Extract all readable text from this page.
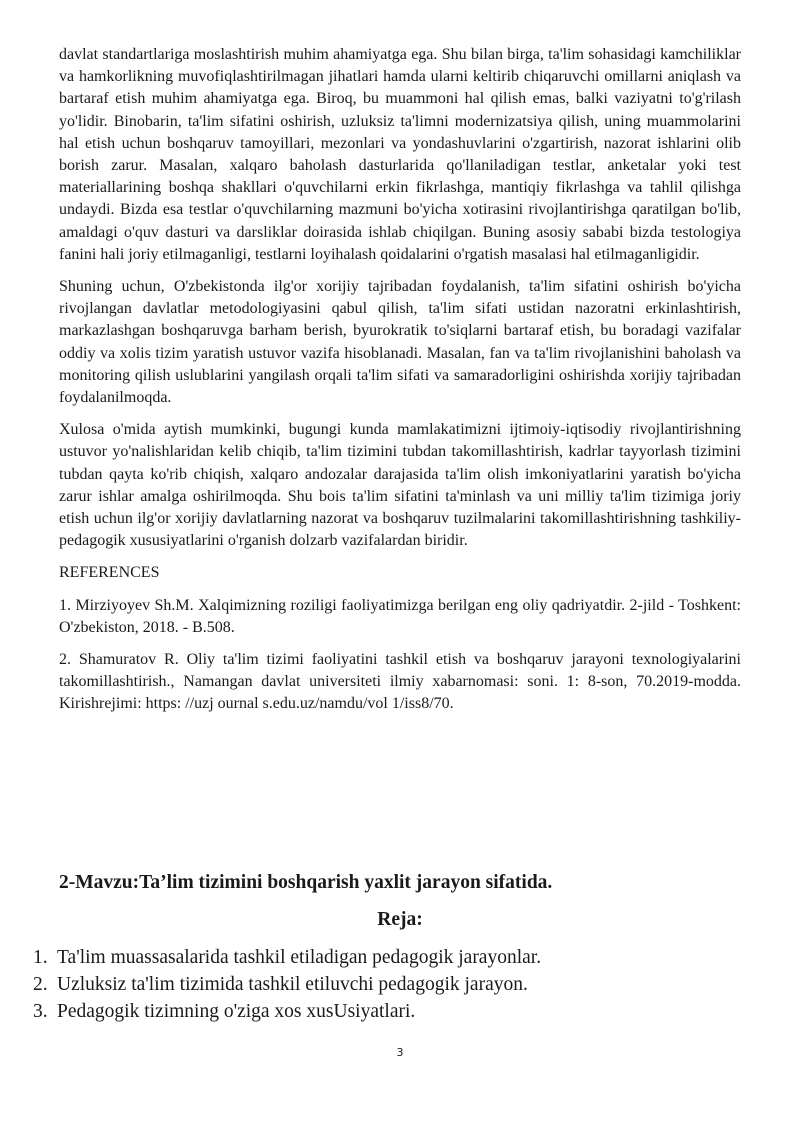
davlat standartlariga moslashtirish muhim ahamiyatga ega. Shu bilan birga, ta'lim sohasidagi kamchiliklar va hamkorlikning muvofiqlashtirilmagan jihatlari hamda ularni keltirib chiqaruvchi omillarni aniqlash va bartaraf etish muhim ahamiyatga ega. Biroq, bu muammoni hal qilish emas, balki vaziyatni to'g'rilash yo'lidir. Binobarin, ta'lim sifatini oshirish, uzluksiz ta'limni modernizatsiya qilish, uning muammolarini hal etish uchun boshqaruv tamoyillari, mezonlari va yondashuvlarini o'zgartirish, nazorat ishlarini olib borish zarur. Masalan, xalqaro baholash dasturlarida qo'llaniladigan testlar, anketalar yoki test materiallarining boshqa shakllari o'quvchilarni erkin fikrlashga, mantiqiy fikrlashga va tahlil qilishga undaydi. Bizda esa testlar o'quvchilarning mazmuni bo'yicha xotirasini rivojlantirishga qaratilgan bo'lib, amaldagi o'quv dasturi va darsliklar doirasida ishlab chiqilgan. Buning asosiy sababi bizda testologiya fanini hali joriy etilmaganligi, testlarni loyihalash qoidalarini o'rgatish masalasi hal etilmaganligidir.

Shuning uchun, O'zbekistonda ilg'or xorijiy tajribadan foydalanish, ta'lim sifatini oshirish bo'yicha rivojlangan davlatlar metodologiyasini qabul qilish, ta'lim sifati ustidan nazoratni erkinlashtirish, markazlashgan boshqaruvga barham berish, byurokratik to'siqlarni bartaraf etish, bu boradagi vazifalar oddiy va xolis tizim yaratish ustuvor vazifa hisoblanadi. Masalan, fan va ta'lim rivojlanishini baholash va monitoring qilish uslublarini yangilash orqali ta'lim sifati va samaradorligini oshirishda xorijiy tajribadan foydalanilmoqda.

Xulosa o'mida aytish mumkinki, bugungi kunda mamlakatimizni ijtimoiy-iqtisodiy rivojlantirishning ustuvor yo'nalishlaridan kelib chiqib, ta'lim tizimini tubdan takomillashtirish, kadrlar tayyorlash tizimini tubdan qayta ko'rib chiqish, xalqaro andozalar darajasida ta'lim olish imkoniyatlarini yaratish bo'yicha zarur ishlar amalga oshirilmoqda. Shu bois ta'lim sifatini ta'minlash va uni milliy ta'lim tizimiga joriy etish uchun ilg'or xorijiy davlatlarning nazorat va boshqaruv tuzilmalarini takomillashtirishning tashkiliy-pedagogik xususiyatlarini o'rganish dolzarb vazifalardan biridir.

REFERENCES

1. Mirziyoyev Sh.M. Xalqimizning roziligi faoliyatimizga berilgan eng oliy qadriyatdir. 2-jild - Toshkent: O'zbekiston, 2018. - B.508.

2. Shamuratov R. Oliy ta'lim tizimi faoliyatini tashkil etish va boshqaruv jarayoni texnologiyalarini takomillashtirish., Namangan davlat universiteti ilmiy xabarnomasi: soni. 1: 8-son, 70.2019-modda. Kirishrejimi: https: //uzj ournal s.edu.uz/namdu/vol 1/iss8/70.

2-Mavzu:Ta’lim tizimini boshqarish yaxlit jarayon sifatida.
Reja:
1. Ta'lim muassasalarida tashkil etiladigan pedagogik jarayonlar.
2. Uzluksiz ta'lim tizimida tashkil etiluvchi pedagogik jarayon.
3. Pedagogik tizimning o'ziga xos xusUsiyatlari.
3
